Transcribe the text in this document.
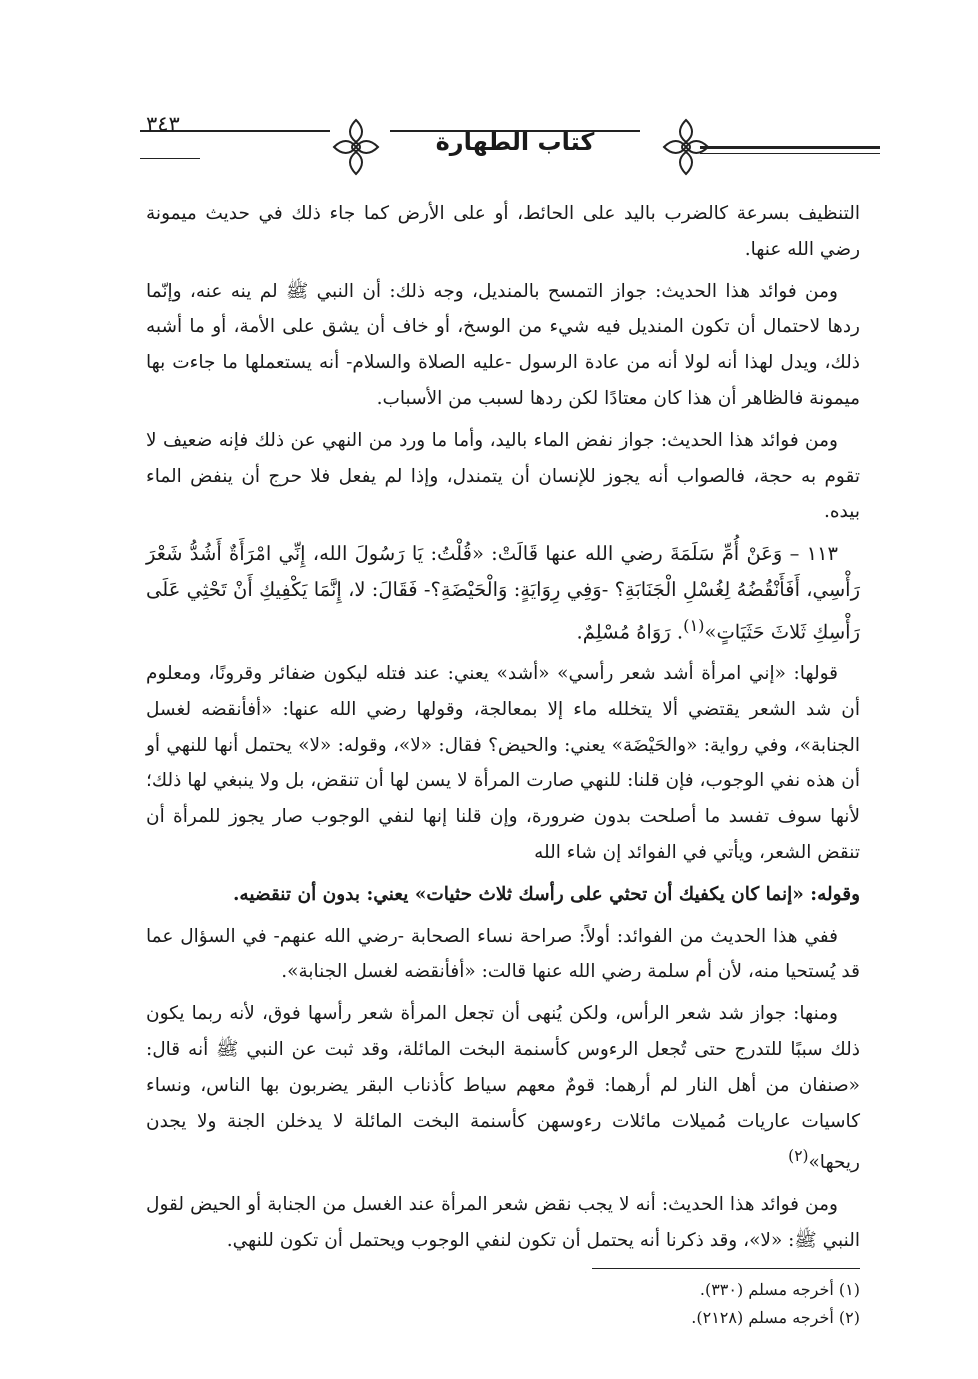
٣٤٣
كتاب الطهارة

التنظيف بسرعة كالضرب باليد على الحائط، أو على الأرض كما جاء ذلك في حديث ميمونة رضي الله عنها.

ومن فوائد هذا الحديث: جواز التمسح بالمنديل، وجه ذلك: أن النبي ﷺ لم ينه عنه، وإنّما ردها لاحتمال أن تكون المنديل فيه شيء من الوسخ، أو خاف أن يشق على الأمة، أو ما أشبه ذلك، ويدل لهذا أنه لولا أنه من عادة الرسول -عليه الصلاة والسلام- أنه يستعملها ما جاءت بها ميمونة فالظاهر أن هذا كان معتادًا لكن ردها لسبب من الأسباب.

ومن فوائد هذا الحديث: جواز نفض الماء باليد، وأما ما ورد من النهي عن ذلك فإنه ضعيف لا تقوم به حجة، فالصواب أنه يجوز للإنسان أن يتمندل، وإذا لم يفعل فلا حرج أن ينفض الماء بيده.

١١٣ – وَعَنْ أُمِّ سَلَمَةَ رضي الله عنها قَالَتْ: «قُلْتُ: يَا رَسُولَ الله، إِنِّي امْرَأَةٌ أَشُدُّ شَعْرَ رَأْسِي، أَفَأَنْقُضُهُ لِغُسْلِ الْجَنَابَةِ؟ -وَفِي رِوَايَةٍ: وَالْحَيْضَةِ؟- فَقَالَ: لا، إِنَّمَا يَكْفِيكِ أَنْ تَحْثِي عَلَى رَأْسِكِ ثَلاثَ حَثَيَاتٍ»$^{(١)}$. رَوَاهُ مُسْلِمٌ.

قولها: «إني امرأة أشد شعر رأسي» «أشد» يعني: عند فتله ليكون ضفائر وقرونًا، ومعلوم أن شد الشعر يقتضي ألا يتخلله ماء إلا بمعالجة، وقولها رضي الله عنها: «أفأنقضه لغسل الجنابة»، وفي رواية: «والحَيْضَة» يعني: والحيض؟ فقال: «لا»، وقوله: «لا» يحتمل أنها للنهي أو أن هذه نفي الوجوب، فإن قلنا: للنهي صارت المرأة لا يسن لها أن تنقض، بل ولا ينبغي لها ذلك؛ لأنها سوف تفسد ما أصلحت بدون ضرورة، وإن قلنا إنها لنفي الوجوب صار يجوز للمرأة أن تنقض الشعر، ويأتي في الفوائد إن شاء الله

وقوله: «إنما كان يكفيك أن تحثي على رأسك ثلاث حثيات» يعني: بدون أن تنقضيه.

ففي هذا الحديث من الفوائد: أولاً: صراحة نساء الصحابة -رضي الله عنهم- في السؤال عما قد يُستحيا منه، لأن أم سلمة رضي الله عنها قالت: «أفأنقضه لغسل الجنابة».

ومنها: جواز شد شعر الرأس، ولكن يُنهى أن تجعل المرأة شعر رأسها فوق، لأنه ربما يكون ذلك سببًا للتدرج حتى تُجعل الرءوس كأسنمة البخت المائلة، وقد ثبت عن النبي ﷺ أنه قال: «صنفان من أهل النار لم أرهما: قومٌ معهم سياط كأذناب البقر يضربون بها الناس، ونساء كاسيات عاريات مُميلات مائلات رءوسهن كأسنمة البخت المائلة لا يدخلن الجنة ولا يجدن ريحها»$^{(٢)}$

ومن فوائد هذا الحديث: أنه لا يجب نقض شعر المرأة عند الغسل من الجنابة أو الحيض لقول النبي ﷺ: «لا»، وقد ذكرنا أنه يحتمل أن تكون لنفي الوجوب ويحتمل أن تكون للنهي.

(١) أخرجه مسلم (٣٣٠).
(٢) أخرجه مسلم (٢١٢٨).
